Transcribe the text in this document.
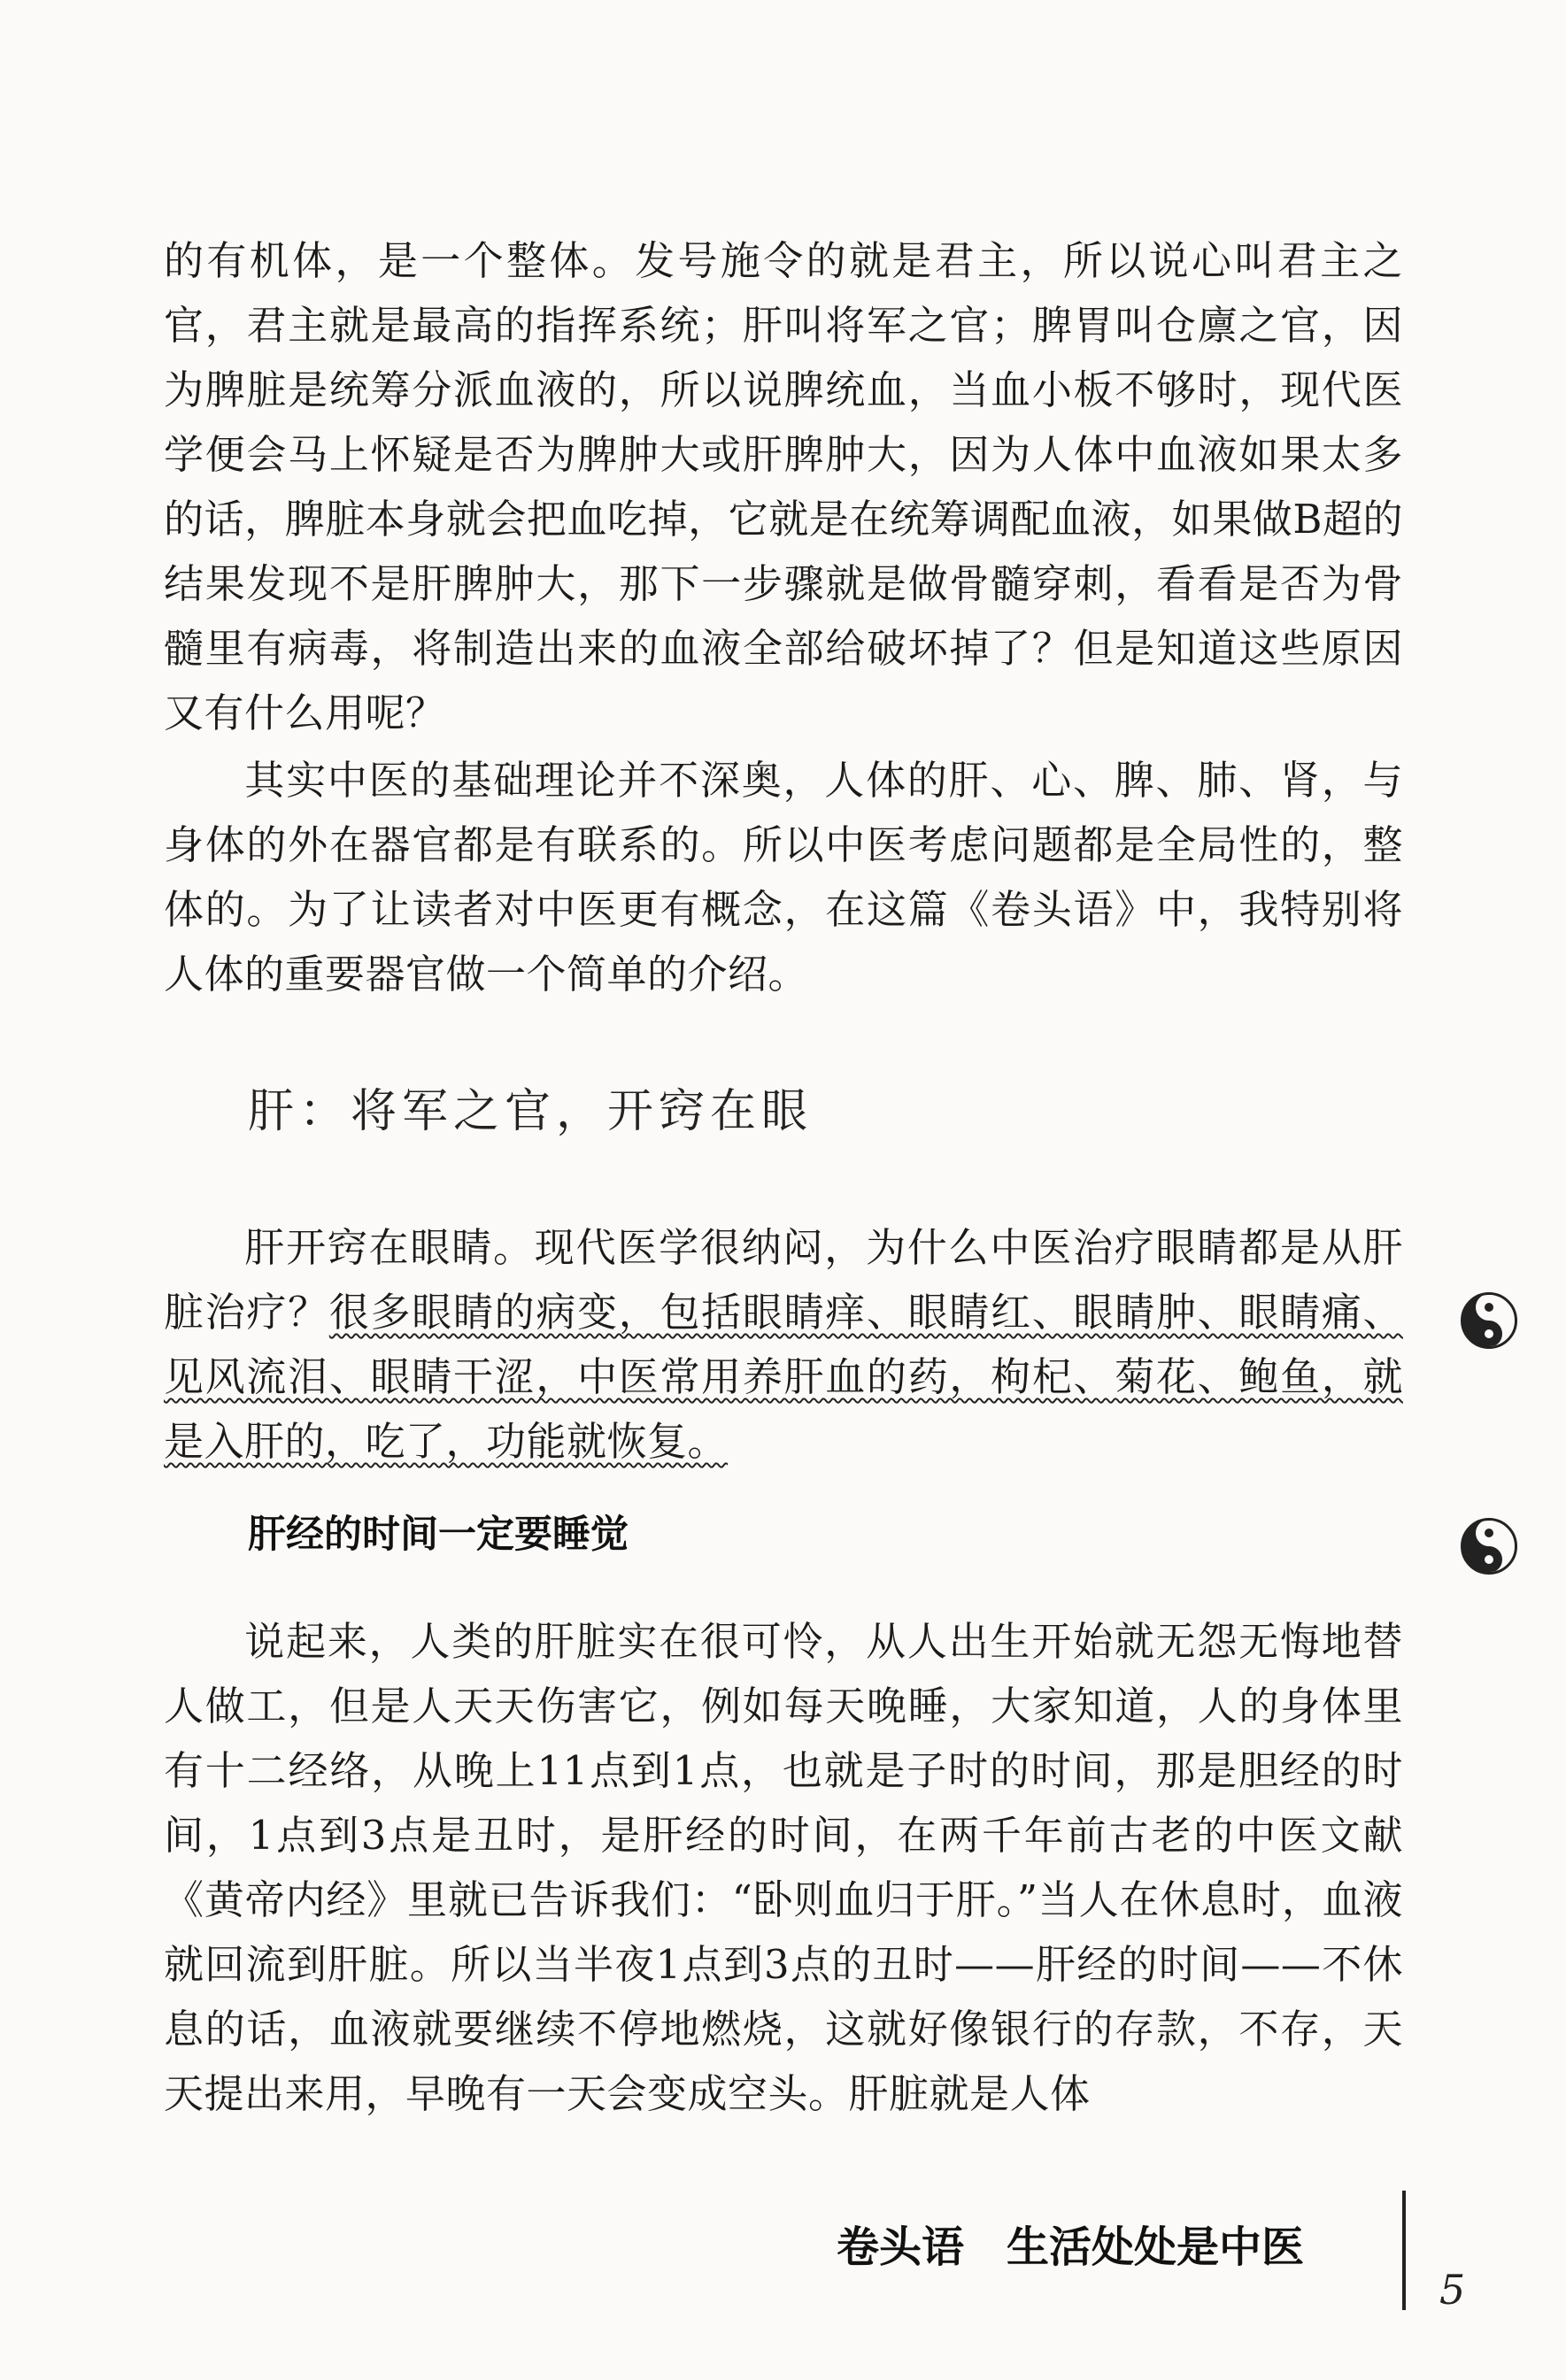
的有机体，是一个整体。发号施令的就是君主，所以说心叫君主之官，君主就是最高的指挥系统；肝叫将军之官；脾胃叫仓廪之官，因为脾脏是统筹分派血液的，所以说脾统血，当血小板不够时，现代医学便会马上怀疑是否为脾肿大或肝脾肿大，因为人体中血液如果太多的话，脾脏本身就会把血吃掉，它就是在统筹调配血液，如果做B超的结果发现不是肝脾肿大，那下一步骤就是做骨髓穿刺，看看是否为骨髓里有病毒，将制造出来的血液全部给破坏掉了？但是知道这些原因又有什么用呢？

其实中医的基础理论并不深奥，人体的肝、心、脾、肺、肾，与身体的外在器官都是有联系的。所以中医考虑问题都是全局性的，整体的。为了让读者对中医更有概念，在这篇《卷头语》中，我特别将人体的重要器官做一个简单的介绍。

肝：将军之官，开窍在眼

肝开窍在眼睛。现代医学很纳闷，为什么中医治疗眼睛都是从肝脏治疗？很多眼睛的病变，包括眼睛痒、眼睛红、眼睛肿、眼睛痛、见风流泪、眼睛干涩，中医常用养肝血的药，枸杞、菊花、鲍鱼，就是入肝的，吃了，功能就恢复。

肝经的时间一定要睡觉

说起来，人类的肝脏实在很可怜，从人出生开始就无怨无悔地替人做工，但是人天天伤害它，例如每天晚睡，大家知道，人的身体里有十二经络，从晚上11点到1点，也就是子时的时间，那是胆经的时间，1点到3点是丑时，是肝经的时间，在两千年前古老的中医文献《黄帝内经》里就已告诉我们：“卧则血归于肝。”当人在休息时，血液就回流到肝脏。所以当半夜1点到3点的丑时——肝经的时间——不休息的话，血液就要继续不停地燃烧，这就好像银行的存款，不存，天天提出来用，早晚有一天会变成空头。肝脏就是人体

卷头语　生活处处是中医
5
